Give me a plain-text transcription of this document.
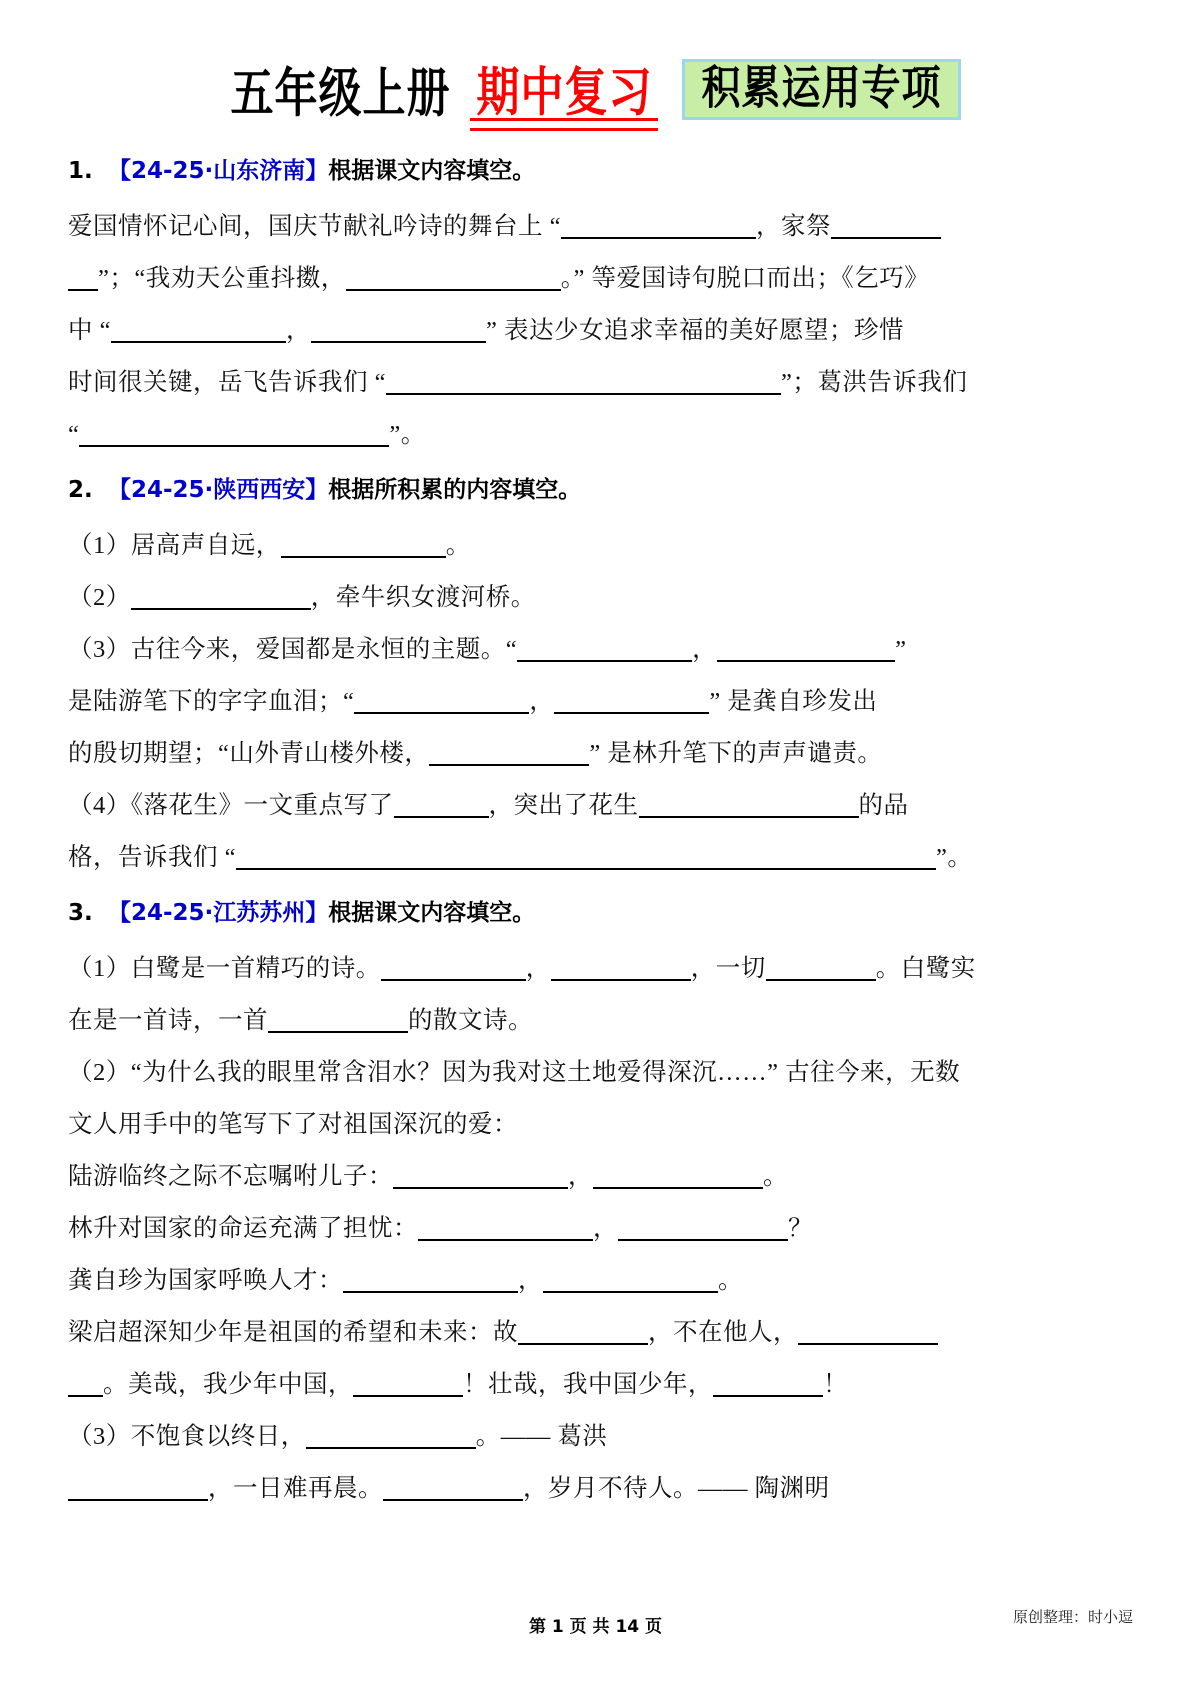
五年级上册 期中复习	积累运用专项
1. 【24-25·山东济南】根据课文内容填空。
爱国情怀记心间，国庆节献礼吟诗的舞台上 “	，家祭
”；“我劝天公重抖擞，	。” 等爱国诗句脱口而出；《乞巧》
中 “	，	” 表达少女追求幸福的美好愿望；珍惜
时间很关键，岳飞告诉我们 “	”；葛洪告诉我们
“	”。
2. 【24-25·陕西西安】根据所积累的内容填空。
（1）居高声自远，	。
（2）	，牵牛织女渡河桥。
（3）古往今来，爱国都是永恒的主题。“	，	”
是陆游笔下的字字血泪；“	，	” 是龚自珍发出
的殷切期望；“山外青山楼外楼，	” 是林升笔下的声声谴责。
（4）《落花生》一文重点写了	，突出了花生	的品
格，告诉我们 “	”。
3. 【24-25·江苏苏州】根据课文内容填空。
（1）白鹭是一首精巧的诗。	，	，一切	。白鹭实
在是一首诗，一首	的散文诗。
（2）“为什么我的眼里常含泪水？因为我对这土地爱得深沉……” 古往今来，无数
文人用手中的笔写下了对祖国深沉的爱：
陆游临终之际不忘嘱咐儿子：	，	。
林升对国家的命运充满了担忧：	，	？
龚自珍为国家呼唤人才：	，	。
梁启超深知少年是祖国的希望和未来：故	，不在他人，
。美哉，我少年中国，	！壮哉，我中国少年，	！
（3）不饱食以终日，	。—— 葛洪
，一日难再晨。	，岁月不待人。—— 陶渊明
第 1 页 共 14 页	原创整理：时小逗
